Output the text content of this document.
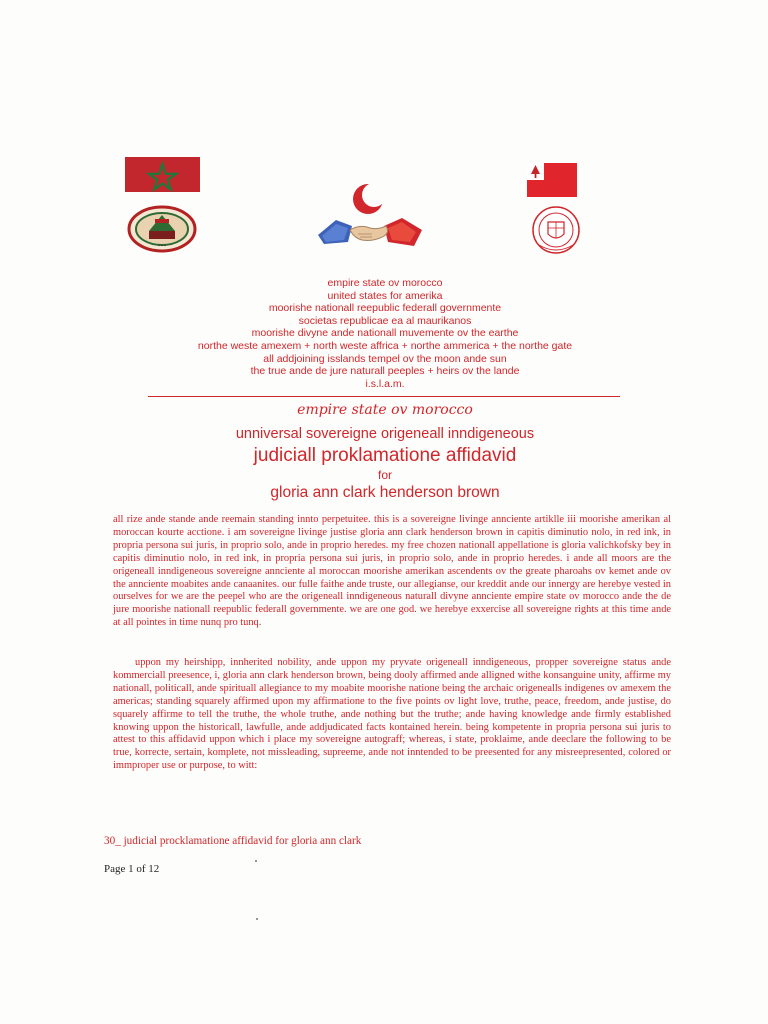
▪ ▪ ▪
empire state ov morocco
united states for amerika
moorishe nationall reepublic federall governmente
societas republicae ea al maurikanos
moorishe divyne ande nationall muvemente ov the earthe
northe weste amexem + north weste affrica + northe ammerica + the northe gate
all addjoining isslands tempel ov the moon ande sun
the true ande de jure naturall peeples + heirs ov the lande
i.s.l.a.m.
empire state ov morocco
unniversal sovereigne origeneall inndigeneous
judiciall proklamatione affidavid
for
gloria ann clark henderson brown

all rize ande stande ande reemain standing innto perpetuitee. this is a sovereigne livinge annciente artiklle iii moorishe amerikan al moroccan kourte acctione. i am sovereigne livinge justise gloria ann clark henderson brown in capitis diminutio nolo, in red ink, in propria persona sui juris, in proprio solo, ande in proprio heredes. my free chozen nationall appellatione is gloria valichkofsky bey in capitis diminutio nolo, in red ink, in propria persona sui juris, in proprio solo, ande in proprio heredes. i ande all moors are the origeneall inndigeneous sovereigne annciente al moroccan moorishe amerikan ascendents ov the greate pharoahs ov kemet ande ov the annciente moabites ande canaanites. our fulle faithe ande truste, our allegianse, our kreddit ande our innergy are herebye vested in ourselves for we are the peepel who are the origeneall inndigeneous naturall divyne annciente empire state ov morocco ande the de jure moorishe nationall reepublic federall governmente. we are one god. we herebye exxercise all sovereigne rights at this time ande at all pointes in time nunq pro tunq.

uppon my heirshipp, innherited nobility, ande uppon my pryvate origeneall inndigeneous, propper sovereigne status ande kommerciall preesence, i, gloria ann clark henderson brown, being dooly affirmed ande alligned withe konsanguine unity, affirme my nationall, politicall, ande spirituall allegiance to my moabite moorishe natione being the archaic origenealls indigenes ov amexem the americas; standing squarely affirmed upon my affirmatione to the five points ov light love, truthe, peace, freedom, ande justise, do squarely affirme to tell the truthe, the whole truthe, ande nothing but the truthe; ande having knowledge ande firmly established knowing uppon the historicall, lawfulle, ande addjudicated facts kontained herein. being kompetente in propria persona sui juris to attest to this affidavid uppon which i place my sovereigne autograff; whereas, i state, proklaime, ande deeclare the following to be true, korrecte, sertain, komplete, not missleading, supreeme, ande not inntended to be preesented for any misreepresented, colored or immproper use or purpose, to witt:

30_ judicial procklamatione affidavid for gloria ann clark
Page 1 of 12
